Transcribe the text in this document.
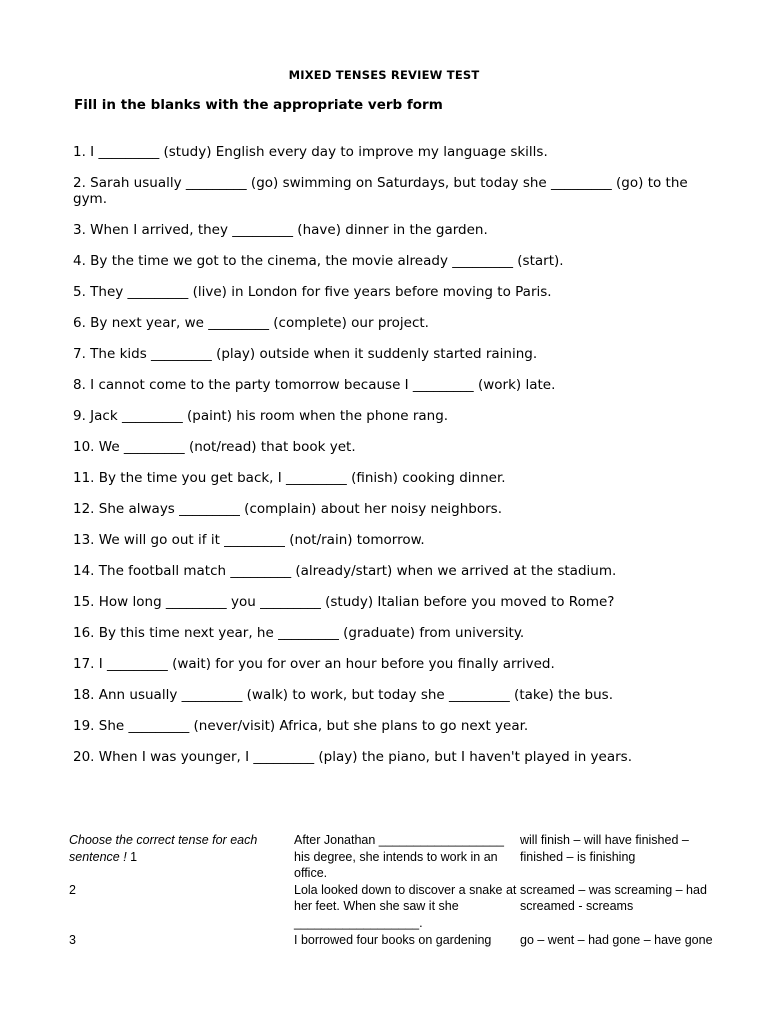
MIXED TENSES REVIEW TEST
Fill in the blanks with the appropriate verb form
1. I _________ (study) English every day to improve my language skills.
2. Sarah usually _________ (go) swimming on Saturdays, but today she _________ (go) to the gym.
3. When I arrived, they _________ (have) dinner in the garden.
4. By the time we got to the cinema, the movie already _________ (start).
5. They _________ (live) in London for five years before moving to Paris.
6. By next year, we _________ (complete) our project.
7. The kids _________ (play) outside when it suddenly started raining.
8. I cannot come to the party tomorrow because I _________ (work) late.
9. Jack _________ (paint) his room when the phone rang.
10. We _________ (not/read) that book yet.
11. By the time you get back, I _________ (finish) cooking dinner.
12. She always _________ (complain) about her noisy neighbors.
13. We will go out if it _________ (not/rain) tomorrow.
14. The football match _________ (already/start) when we arrived at the stadium.
15. How long _________ you _________ (study) Italian before you moved to Rome?
16. By this time next year, he _________ (graduate) from university.
17. I _________ (wait) for you for over an hour before you finally arrived.
18. Ann usually _________ (walk) to work, but today she _________ (take) the bus.
19. She _________ (never/visit) Africa, but she plans to go next year.
20. When I was younger, I _________ (play) the piano, but I haven't played in years.
Choose the correct tense for each sentence ! 1	After Jonathan __________________ his degree, she intends to work in an office.	will finish – will have finished – finished – is finishing
2	Lola looked down to discover a snake at her feet. When she saw it she __________________.	screamed – was screaming – had screamed - screams
3	I borrowed four books on gardening	go – went – had gone – have gone
